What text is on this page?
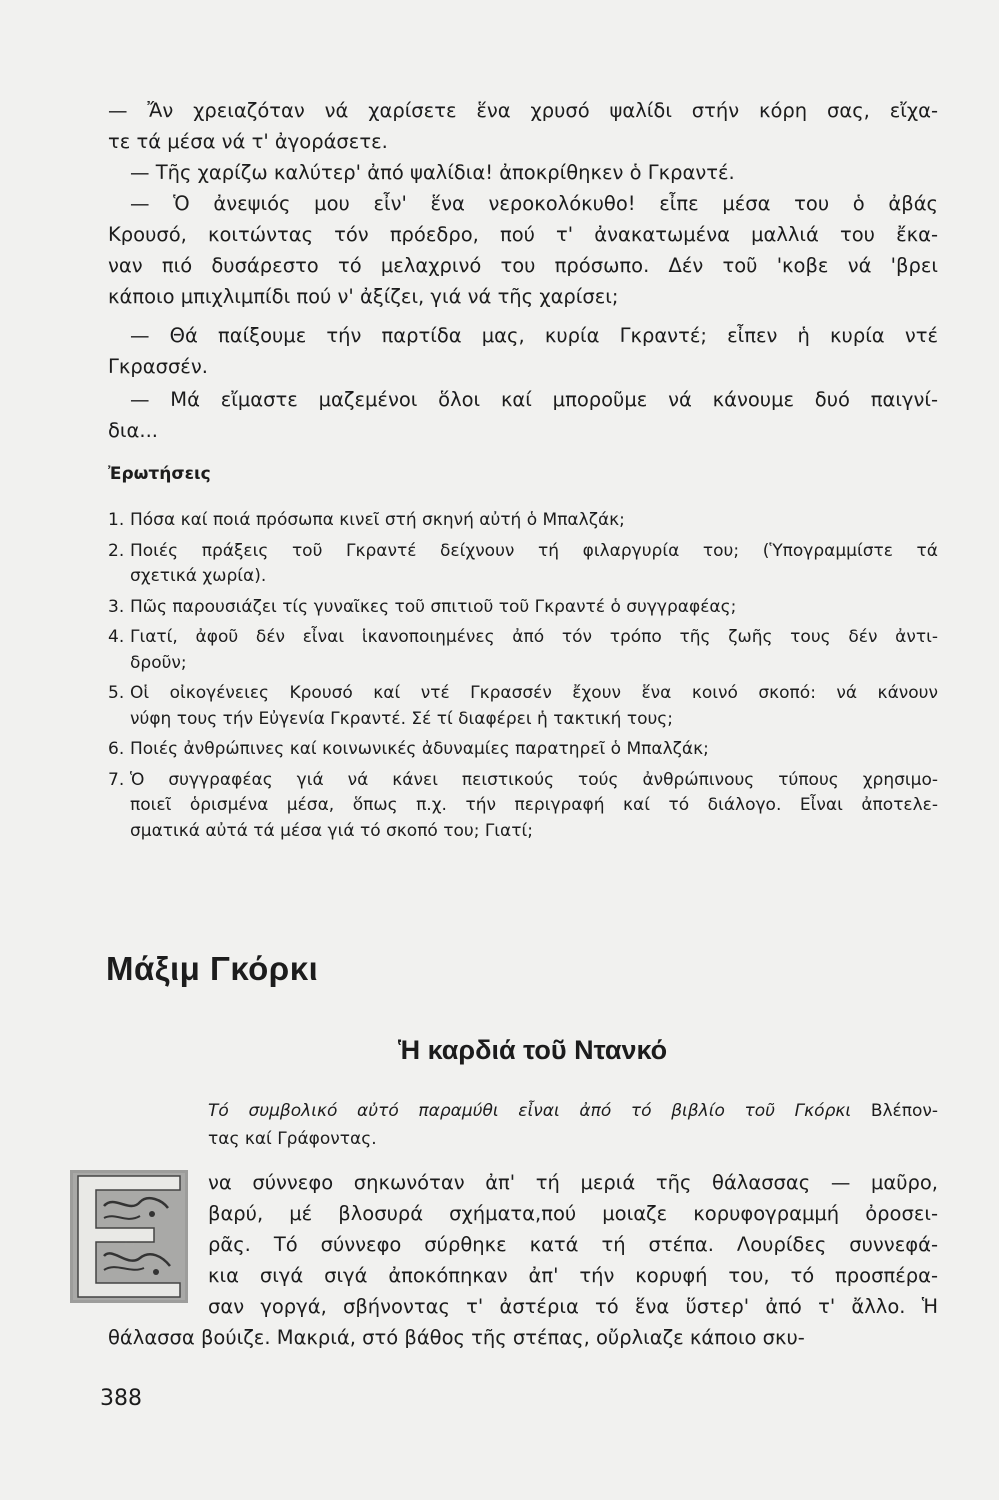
— Ἄν χρειαζόταν νά χαρίσετε ἕνα χρυσό ψαλίδι στήν κόρη σας, εἴχα-
τε τά μέσα νά τ' ἀγοράσετε.
— Τῆς χαρίζω καλύτερ' ἀπό ψαλίδια! ἀποκρίθηκεν ὁ Γκραντέ.
— Ὁ ἀνεψιός μου εἶν' ἕνα νεροκολόκυθο! εἶπε μέσα του ὁ ἀβάς
Κρουσό, κοιτώντας τόν πρόεδρο, πού τ' ἀνακατωμένα μαλλιά του ἔκα-
ναν πιό δυσάρεστο τό μελαχρινό του πρόσωπο. Δέν τοῦ 'κοβε νά 'βρει
κάποιο μπιχλιμπίδι πού ν' ἀξίζει, γιά νά τῆς χαρίσει;
— Θά παίξουμε τήν παρτίδα μας, κυρία Γκραντέ; εἶπεν ἡ κυρία ντέ
Γκρασσέν.
— Μά εἴμαστε μαζεμένοι ὅλοι καί μποροῦμε νά κάνουμε δυό παιγνί-
δια...
Ἐρωτήσεις
1. Πόσα καί ποιά πρόσωπα κινεῖ στή σκηνή αὐτή ὁ Μπαλζάκ;
2. Ποιές πράξεις τοῦ Γκραντέ δείχνουν τή φιλαργυρία του; (Ὑπογραμμίστε τά
σχετικά χωρία).
3. Πῶς παρουσιάζει τίς γυναῖκες τοῦ σπιτιοῦ τοῦ Γκραντέ ὁ συγγραφέας;
4. Γιατί, ἀφοῦ δέν εἶναι ἱκανοποιημένες ἀπό τόν τρόπο τῆς ζωῆς τους δέν ἀντι-
δροῦν;
5. Οἱ οἰκογένειες Κρουσό καί ντέ Γκρασσέν ἔχουν ἕνα κοινό σκοπό: νά κάνουν
νύφη τους τήν Εὐγενία Γκραντέ. Σέ τί διαφέρει ἡ τακτική τους;
6. Ποιές ἀνθρώπινες καί κοινωνικές ἀδυναμίες παρατηρεῖ ὁ Μπαλζάκ;
7. Ὁ συγγραφέας γιά νά κάνει πειστικούς τούς ἀνθρώπινους τύπους χρησιμο-
ποιεῖ ὁρισμένα μέσα, ὅπως π.χ. τήν περιγραφή καί τό διάλογο. Εἶναι ἀποτελε-
σματικά αὐτά τά μέσα γιά τό σκοπό του; Γιατί;
Μάξιμ Γκόρκι
Ἡ καρδιά τοῦ Ντανκό
Τό συμβολικό αὐτό παραμύθι εἶναι ἀπό τό βιβλίο τοῦ Γκόρκι Βλέπον-
τας καί Γράφοντας.
να σύννεφο σηκωνόταν ἀπ' τή μεριά τῆς θάλασσας — μαῦρο,
βαρύ, μέ βλοσυρά σχήματα,πού μοιαζε κορυφογραμμή ὀροσει-
ρᾶς. Τό σύννεφο σύρθηκε κατά τή στέπα. Λουρίδες συννεφά-
κια σιγά σιγά ἀποκόπηκαν ἀπ' τήν κορυφή του, τό προσπέρα-
σαν γοργά, σβήνοντας τ' ἀστέρια τό ἕνα ὕστερ' ἀπό τ' ἄλλο. Ἡ
θάλασσα βούιζε. Μακριά, στό βάθος τῆς στέπας, οὔρλιαζε κάποιο σκυ-

388
